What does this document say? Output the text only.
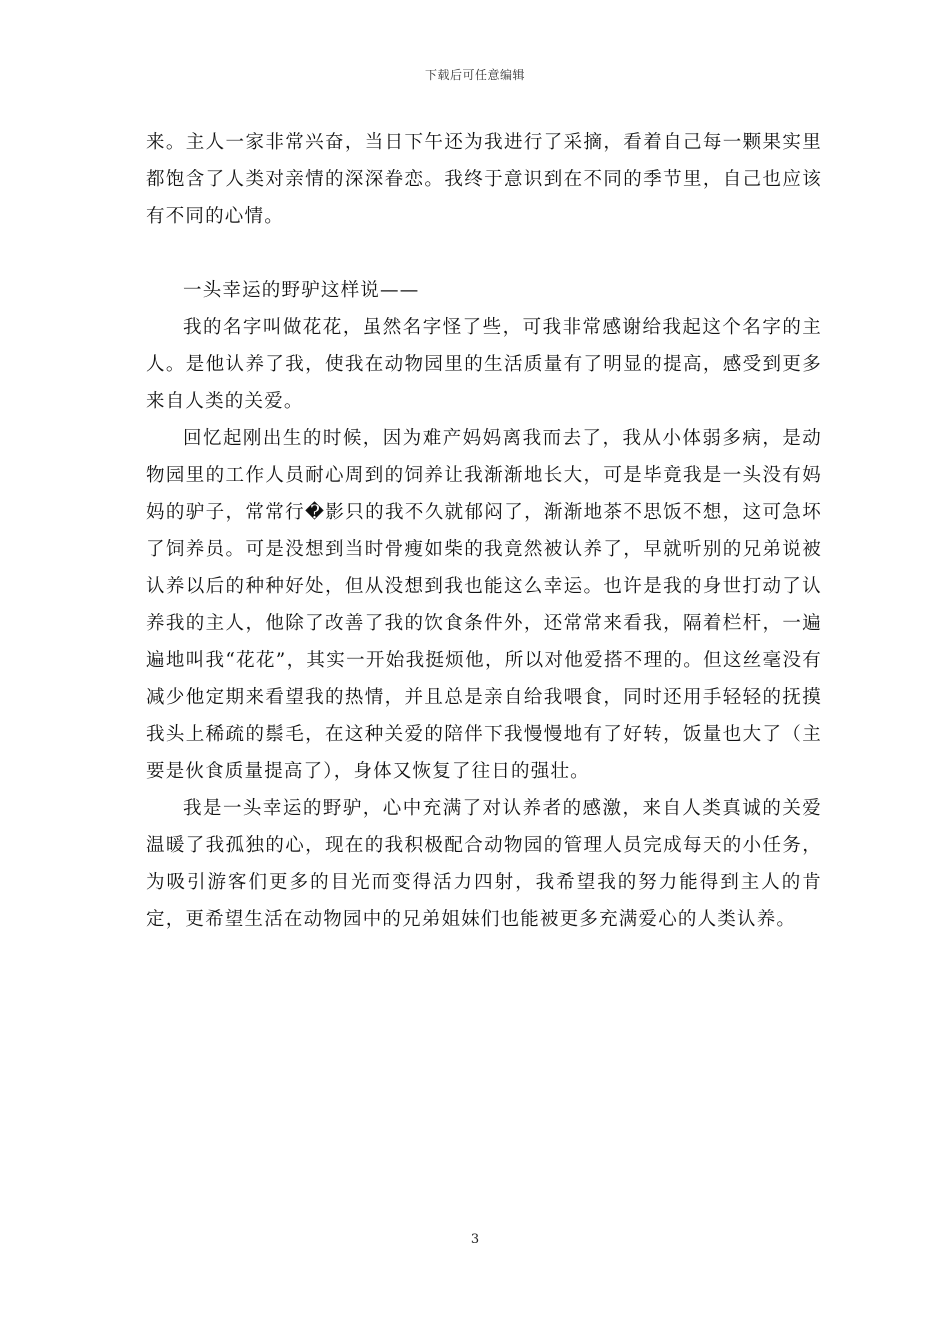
下载后可任意编辑

来。主人一家非常兴奋，当日下午还为我进行了采摘，看着自己每一颗果实里都饱含了人类对亲情的深深眷恋。我终于意识到在不同的季节里，自己也应该有不同的心情。

一头幸运的野驴这样说——

我的名字叫做花花，虽然名字怪了些，可我非常感谢给我起这个名字的主人。是他认养了我，使我在动物园里的生活质量有了明显的提高，感受到更多来自人类的关爱。

回忆起刚出生的时候，因为难产妈妈离我而去了，我从小体弱多病，是动物园里的工作人员耐心周到的饲养让我渐渐地长大，可是毕竟我是一头没有妈妈的驴子，常常行�影只的我不久就郁闷了，渐渐地茶不思饭不想，这可急坏了饲养员。可是没想到当时骨瘦如柴的我竟然被认养了，早就听别的兄弟说被认养以后的种种好处，但从没想到我也能这么幸运。也许是我的身世打动了认养我的主人，他除了改善了我的饮食条件外，还常常来看我，隔着栏杆，一遍遍地叫我“花花”，其实一开始我挺烦他，所以对他爱搭不理的。但这丝毫没有减少他定期来看望我的热情，并且总是亲自给我喂食，同时还用手轻轻的抚摸我头上稀疏的鬃毛，在这种关爱的陪伴下我慢慢地有了好转，饭量也大了（主要是伙食质量提高了），身体又恢复了往日的强壮。

我是一头幸运的野驴，心中充满了对认养者的感激，来自人类真诚的关爱温暖了我孤独的心，现在的我积极配合动物园的管理人员完成每天的小任务，为吸引游客们更多的目光而变得活力四射，我希望我的努力能得到主人的肯定，更希望生活在动物园中的兄弟姐妹们也能被更多充满爱心的人类认养。

3
